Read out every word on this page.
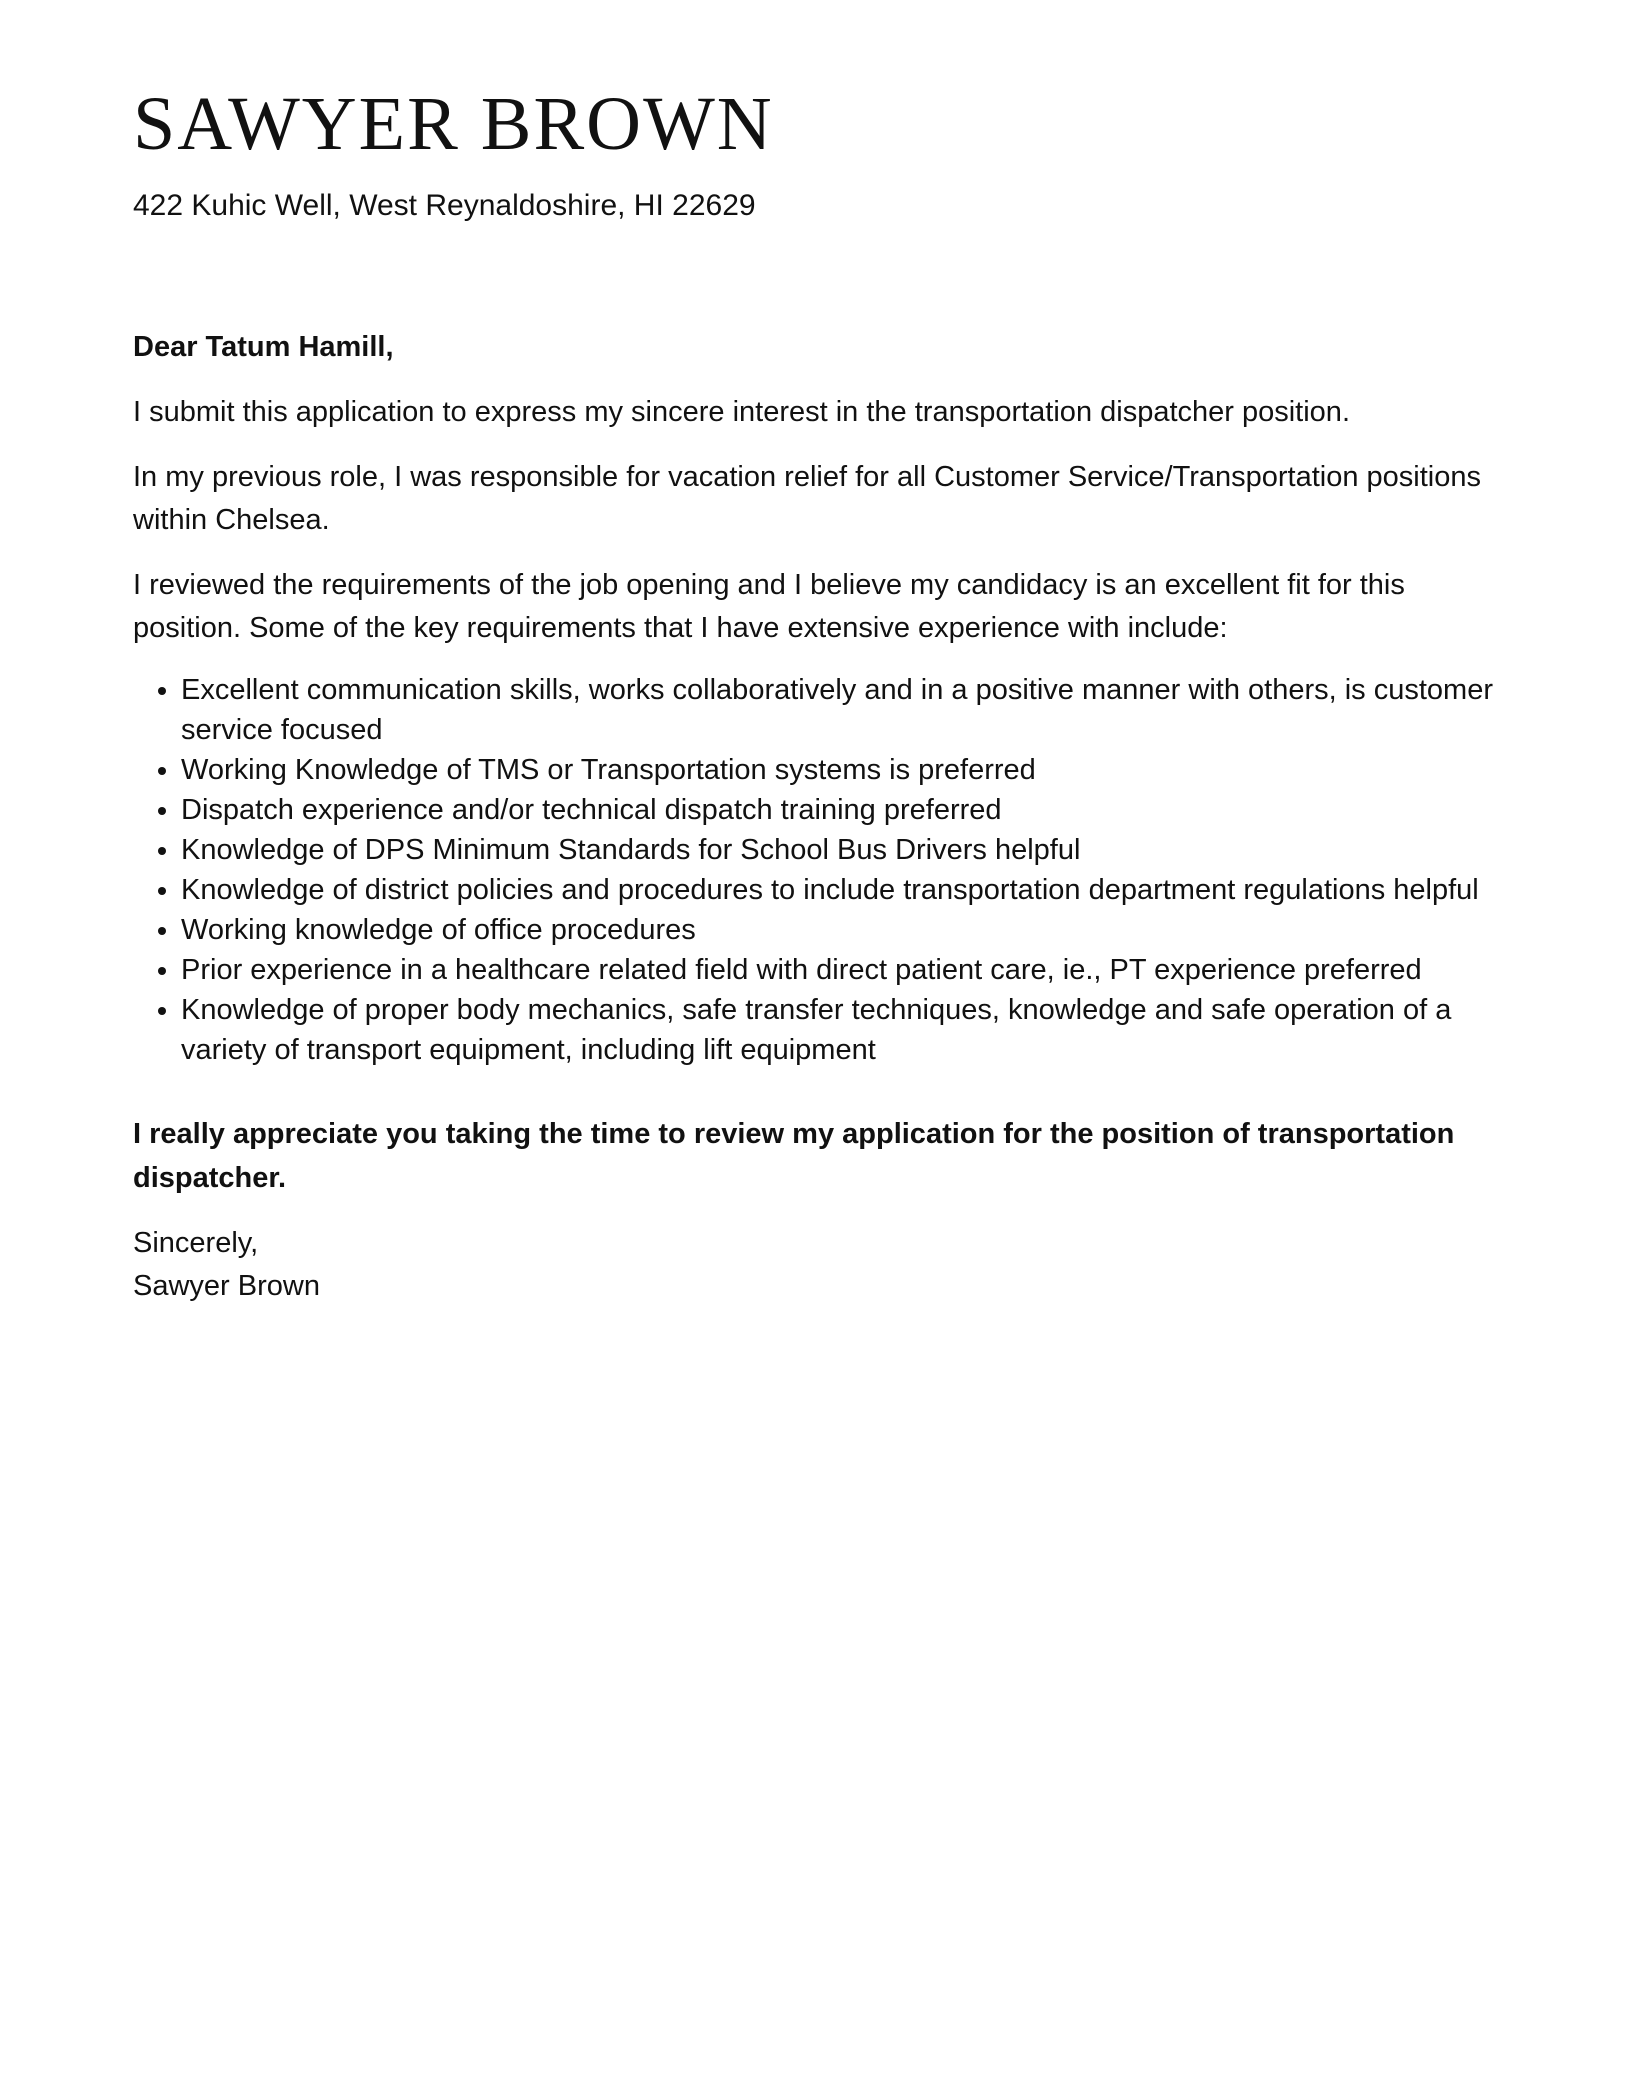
SAWYER BROWN
422 Kuhic Well, West Reynaldoshire, HI 22629
Dear Tatum Hamill,
I submit this application to express my sincere interest in the transportation dispatcher position.
In my previous role, I was responsible for vacation relief for all Customer Service/Transportation positions within Chelsea.
I reviewed the requirements of the job opening and I believe my candidacy is an excellent fit for this position. Some of the key requirements that I have extensive experience with include:
• Excellent communication skills, works collaboratively and in a positive manner with others, is customer service focused
• Working Knowledge of TMS or Transportation systems is preferred
• Dispatch experience and/or technical dispatch training preferred
• Knowledge of DPS Minimum Standards for School Bus Drivers helpful
• Knowledge of district policies and procedures to include transportation department regulations helpful
• Working knowledge of office procedures
• Prior experience in a healthcare related field with direct patient care, ie., PT experience preferred
• Knowledge of proper body mechanics, safe transfer techniques, knowledge and safe operation of a variety of transport equipment, including lift equipment
I really appreciate you taking the time to review my application for the position of transportation dispatcher.
Sincerely,
Sawyer Brown
